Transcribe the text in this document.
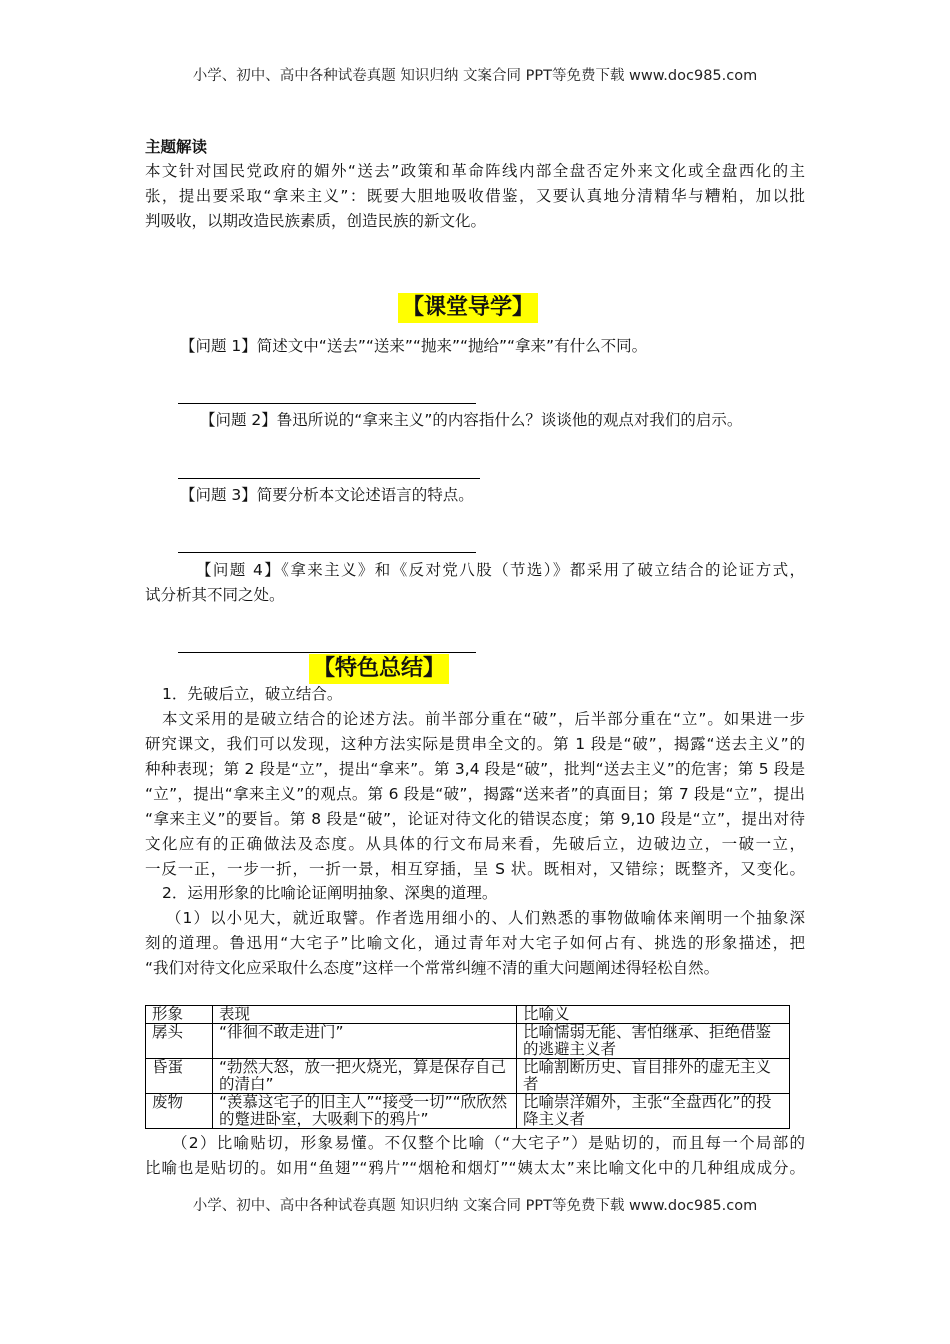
小学、初中、高中各种试卷真题 知识归纳 文案合同 PPT等免费下载 www.doc985.com
主题解读
本文针对国民党政府的媚外“送去”政策和革命阵线内部全盘否定外来文化或全盘西化的主
张，提出要采取“拿来主义”：既要大胆地吸收借鉴，又要认真地分清精华与糟粕，加以批
判吸收，以期改造民族素质，创造民族的新文化。
【课堂导学】
【问题 1】简述文中“送去”“送来”“抛来”“抛给”“拿来”有什么不同。
【问题 2】鲁迅所说的“拿来主义”的内容指什么？谈谈他的观点对我们的启示。
【问题 3】简要分析本文论述语言的特点。
【问题 4】《拿来主义》和《反对党八股（节选）》都采用了破立结合的论证方式，
试分析其不同之处。
【特色总结】
1．先破后立，破立结合。
本文采用的是破立结合的论述方法。前半部分重在“破”，后半部分重在“立”。如果进一步
研究课文，我们可以发现，这种方法实际是贯串全文的。第 1 段是“破”，揭露“送去主义”的
种种表现；第 2 段是“立”，提出“拿来”。第 3,4 段是“破”，批判“送去主义”的危害；第 5 段是
“立”，提出“拿来主义”的观点。第 6 段是“破”，揭露“送来者”的真面目；第 7 段是“立”，提出
“拿来主义”的要旨。第 8 段是“破”，论证对待文化的错误态度；第 9,10 段是“立”，提出对待
文化应有的正确做法及态度。从具体的行文布局来看，先破后立，边破边立，一破一立，
一反一正，一步一折，一折一景，相互穿插，呈 S 状。既相对，又错综；既整齐，又变化。
2．运用形象的比喻论证阐明抽象、深奥的道理。
（1）以小见大，就近取譬。作者选用细小的、人们熟悉的事物做喻体来阐明一个抽象深
刻的道理。鲁迅用“大宅子”比喻文化，通过青年对大宅子如何占有、挑选的形象描述，把
“我们对待文化应采取什么态度”这样一个常常纠缠不清的重大问题阐述得轻松自然。
形象	表现	比喻义
孱头	“徘徊不敢走进门”	比喻懦弱无能、害怕继承、拒绝借鉴的逃避主义者
昏蛋	“勃然大怒，放一把火烧光，算是保存自己的清白”	比喻割断历史、盲目排外的虚无主义者
废物	“羡慕这宅子的旧主人”“接受一切”“欣欣然的蹩进卧室，大吸剩下的鸦片”	比喻崇洋媚外，主张“全盘西化”的投降主义者
（2）比喻贴切，形象易懂。不仅整个比喻（“大宅子”）是贴切的，而且每一个局部的
比喻也是贴切的。如用“鱼翅”“鸦片”“烟枪和烟灯”“姨太太”来比喻文化中的几种组成成分。
小学、初中、高中各种试卷真题 知识归纳 文案合同 PPT等免费下载 www.doc985.com
